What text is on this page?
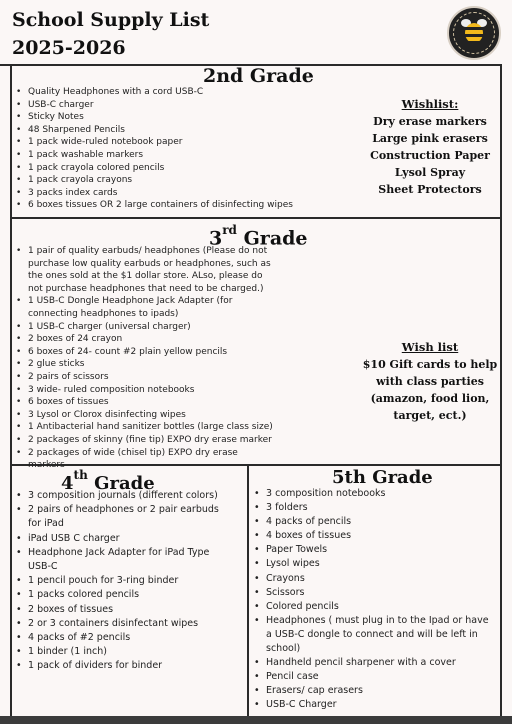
School Supply List
2025-2026
2nd Grade
• Quality Headphones with a cord USB-C
• USB-C charger
• Sticky Notes
• 48 Sharpened Pencils
• 1 pack wide-ruled notebook paper
• 1 pack washable markers
• 1 pack crayola colored pencils
• 1 pack crayola crayons
• 3 packs index cards
• 6 boxes tissues OR 2 large containers of disinfecting wipes
Wishlist:
Dry erase markers
Large pink erasers
Construction Paper
Lysol Spray
Sheet Protectors
3rd Grade
• 1 pair of quality earbuds/ headphones (Please do not purchase low quality earbuds or headphones, such as the ones sold at the $1 dollar store. ALso, please do not purchase headphones that need to be charged.)
• 1 USB-C Dongle Headphone Jack Adapter (for connecting headphones to ipads)
• 1 USB-C charger (universal charger)
• 2 boxes of 24 crayon
• 6 boxes of 24- count #2 plain yellow pencils
• 2 glue sticks
• 2 pairs of scissors
• 3 wide- ruled composition notebooks
• 6 boxes of tissues
• 3 Lysol or Clorox disinfecting wipes
• 1 Antibacterial hand sanitizer bottles (large class size)
• 2 packages of skinny (fine tip) EXPO dry erase marker
• 2 packages of wide (chisel tip) EXPO dry erase markers
Wish list
$10 Gift cards to help
with class parties
(amazon, food lion,
target, ect.)
4th Grade
• 3 composition journals (different colors)
• 2 pairs of headphones or 2 pair earbuds for iPad
• iPad USB C charger
• Headphone Jack Adapter for iPad Type USB-C
• 1 pencil pouch for 3-ring binder
• 1 packs colored pencils
• 2 boxes of tissues
• 2 or 3 containers disinfectant wipes
• 4 packs of #2 pencils
• 1 binder (1 inch)
• 1 pack of dividers for binder
5th Grade
• 3 composition notebooks
• 3 folders
• 4 packs of pencils
• 4 boxes of tissues
• Paper Towels
• Lysol wipes
• Crayons
• Scissors
• Colored pencils
• Headphones ( must plug in to the Ipad or have a USB-C dongle to connect and will be left in school)
• Handheld pencil sharpener with a cover
• Pencil case
• Erasers/ cap erasers
• USB-C Charger
